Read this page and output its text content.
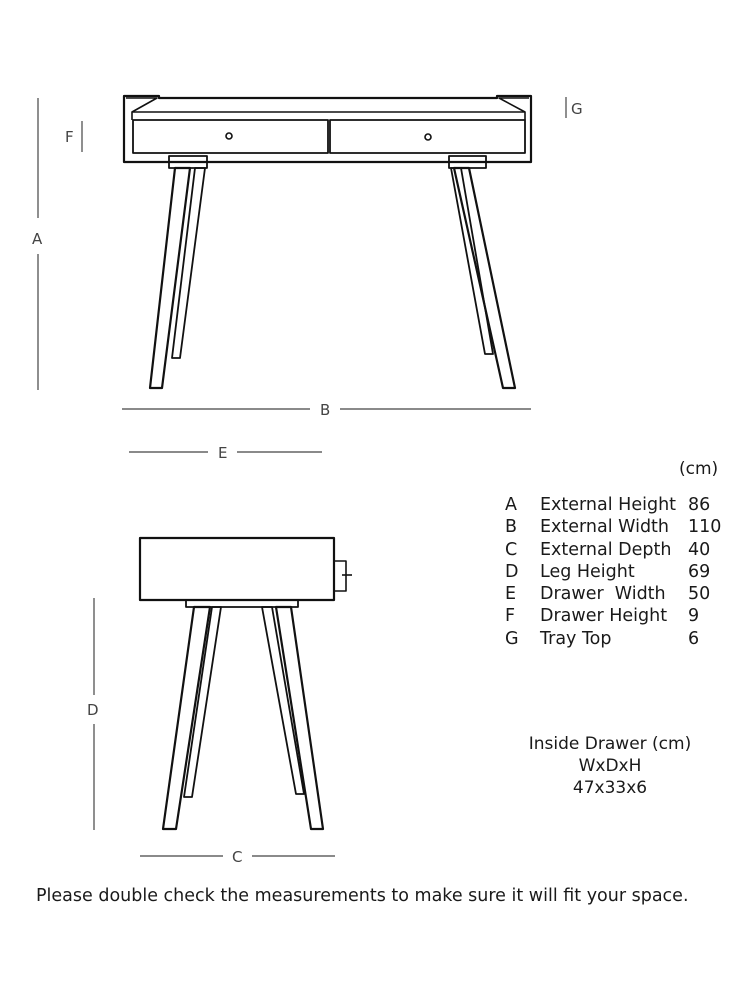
A
F
G
B
E
D
C
(cm)
A	External Height	86
B	External Width	110
C	External Depth	40
D	Leg Height	69
E	Drawer  Width	50
F	Drawer Height	9
G	Tray Top	6
Inside Drawer (cm)
WxDxH
47x33x6
Please double check the measurements to make sure it will fit your space.
